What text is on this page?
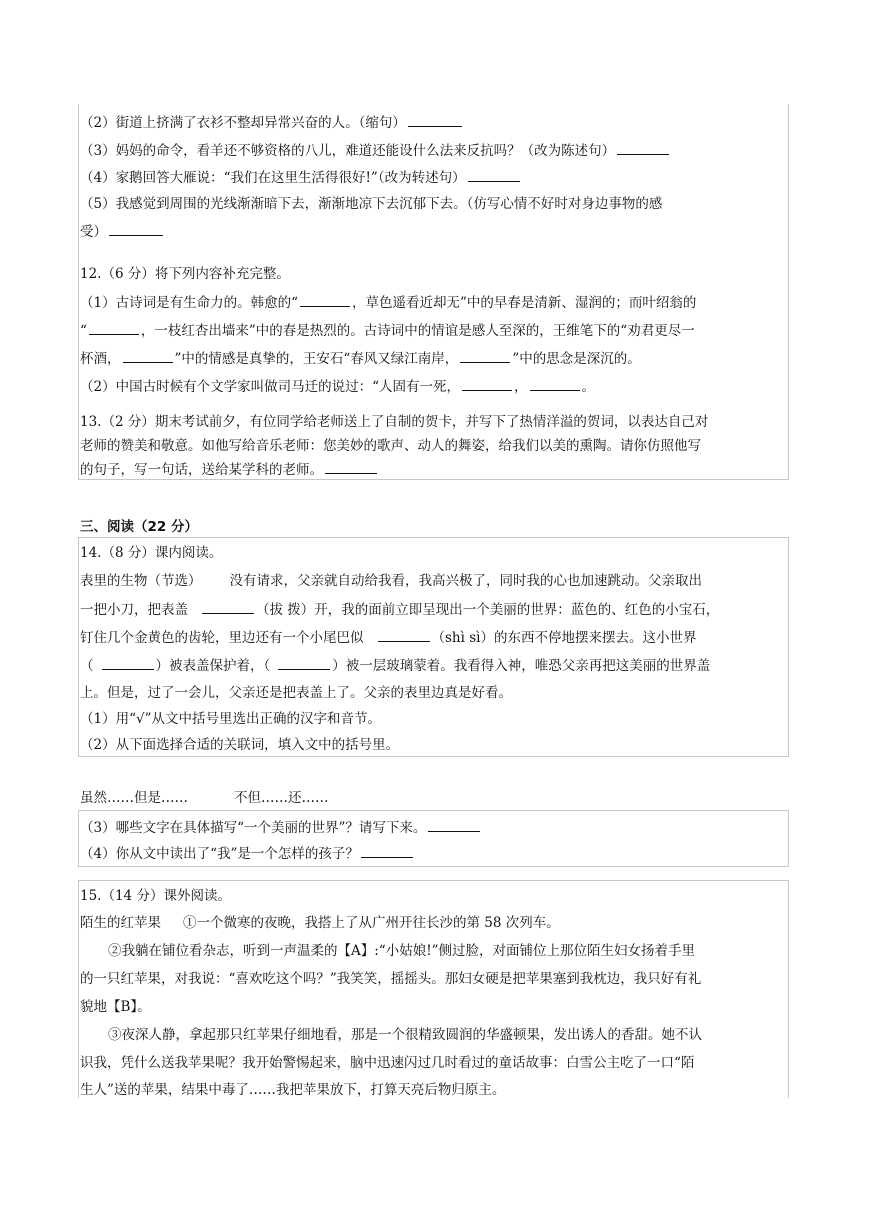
（2）街道上挤满了衣衫不整却异常兴奋的人。（缩句）
（3）妈妈的命令，看羊还不够资格的八儿，难道还能设什么法来反抗吗？（改为陈述句）
（4）家鹅回答大雁说：“我们在这里生活得很好!”（改为转述句）
（5）我感觉到周围的光线渐渐暗下去，渐渐地凉下去沉郁下去。（仿写心情不好时对身边事物的感
受）
12.（6 分）将下列内容补充完整。
（1）古诗词是有生命力的。韩愈的“	，草色遥看近却无”中的早春是清新、湿润的；而叶绍翁的
“	，一枝红杏出墙来”中的春是热烈的。古诗词中的情谊是感人至深的，王维笔下的“劝君更尽一
杯酒，	”中的情感是真挚的，王安石“春风又绿江南岸，	”中的思念是深沉的。
（2）中国古时候有个文学家叫做司马迁的说过：“人固有一死，	，	。
13.（2 分）期末考试前夕，有位同学给老师送上了自制的贺卡，并写下了热情洋溢的贺词，以表达自己对
老师的赞美和敬意。如他写给音乐老师：您美妙的歌声、动人的舞姿，给我们以美的熏陶。请你仿照他写
的句子，写一句话，送给某学科的老师。
三、阅读（22 分）
14.（8 分）课内阅读。
表里的生物（节选） 没有请求，父亲就自动给我看，我高兴极了，同时我的心也加速跳动。父亲取出
一把小刀，把表盖	（拔 拨）开，我的面前立即呈现出一个美丽的世界：蓝色的、红色的小宝石，
钉住几个金黄色的齿轮，里边还有一个小尾巴似	（shì sì）的东西不停地摆来摆去。这小世界
（	）被表盖保护着，（	）被一层玻璃蒙着。我看得入神，唯恐父亲再把这美丽的世界盖
上。但是，过了一会儿，父亲还是把表盖上了。父亲的表里边真是好看。
（1）用“√”从文中括号里选出正确的汉字和音节。
（2）从下面选择合适的关联词，填入文中的括号里。
虽然……但是……	不但……还……
（3）哪些文字在具体描写“一个美丽的世界”？请写下来。
（4）你从文中读出了“我”是一个怎样的孩子？
15.（14 分）课外阅读。
陌生的红苹果 ①一个微寒的夜晚，我搭上了从广州开往长沙的第 58 次列车。
②我躺在铺位看杂志，听到一声温柔的【A】:“小姑娘!”侧过脸，对面铺位上那位陌生妇女扬着手里
的一只红苹果，对我说：“喜欢吃这个吗？”我笑笑，摇摇头。那妇女硬是把苹果塞到我枕边，我只好有礼
貌地【B】。
③夜深人静，拿起那只红苹果仔细地看，那是一个很精致圆润的华盛顿果，发出诱人的香甜。她不认
识我，凭什么送我苹果呢？我开始警惕起来，脑中迅速闪过几时看过的童话故事：白雪公主吃了一口“陌
生人”送的苹果，结果中毒了……我把苹果放下，打算天亮后物归原主。
